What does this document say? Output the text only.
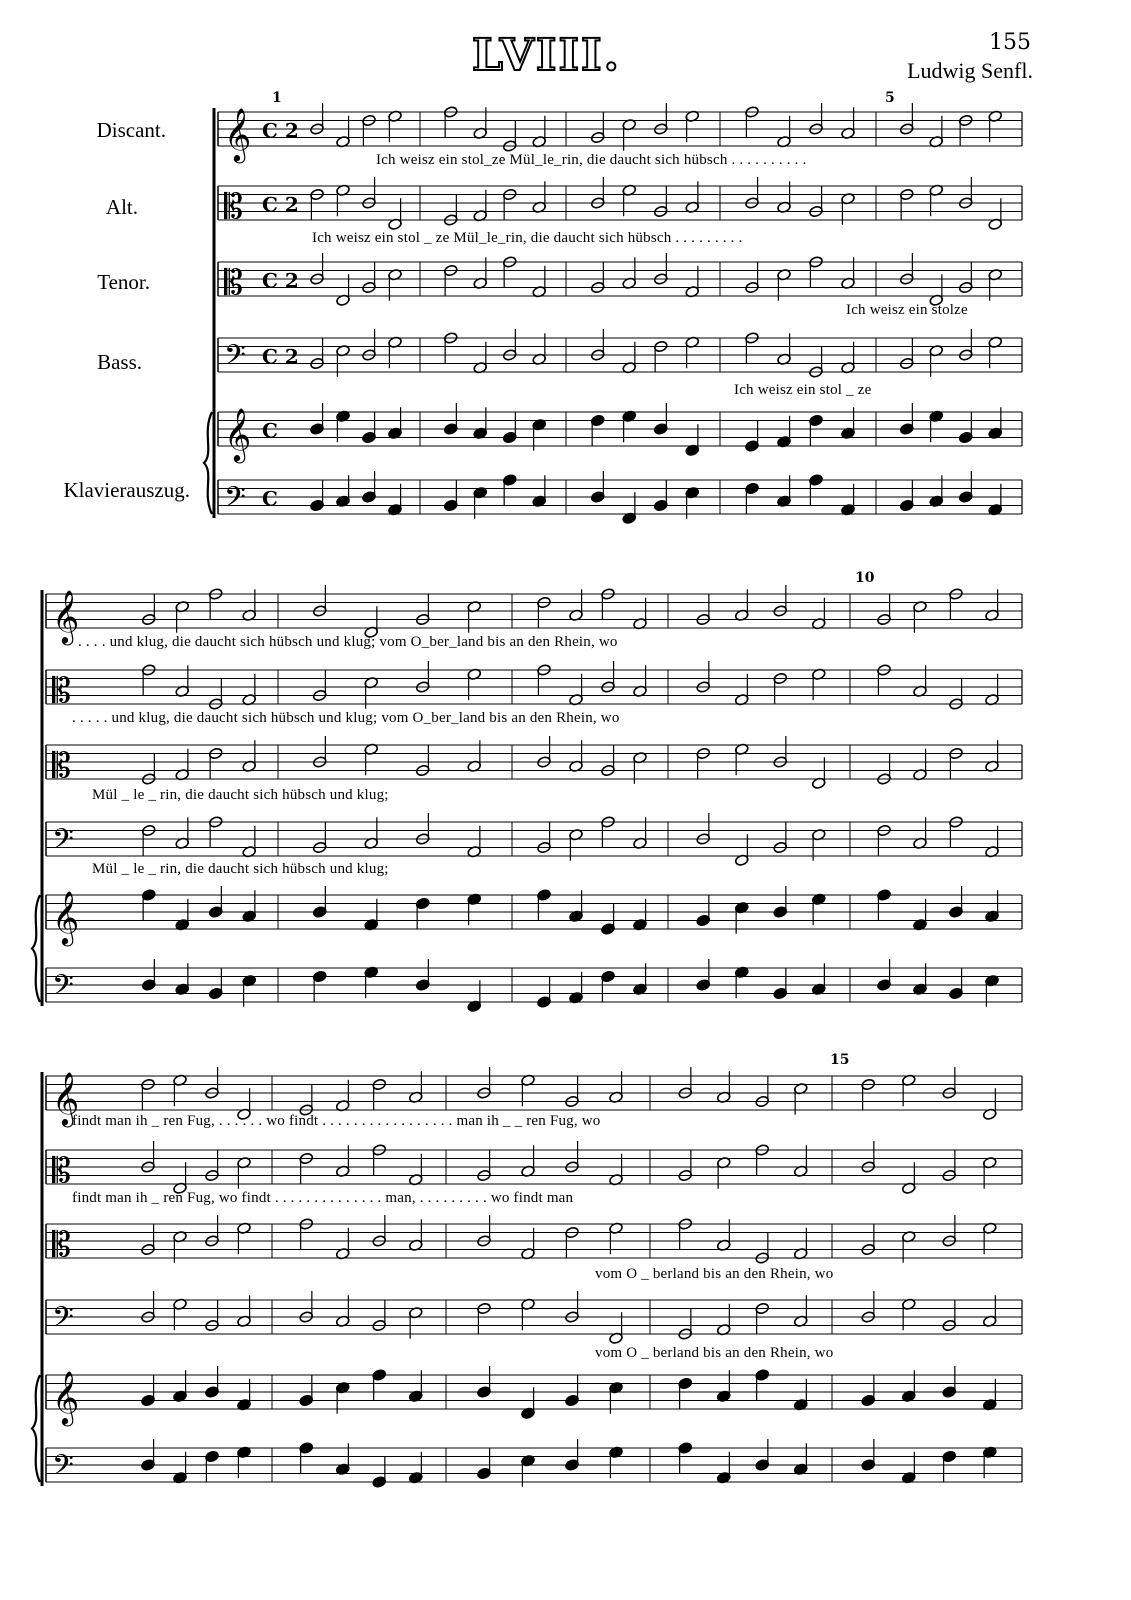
LVIII.	155
Ludwig Senfl.
Discant.
Alt.
Tenor.
Bass.
Klavierauszug.
1	5
10
15
Ich weisz ein stol_ze Mül_le_rin, die daucht sich hübsch . . . . . . . . . .
Ich weisz ein stol _ ze Mül_le_rin, die daucht sich hübsch . . . . . . . . .
Ich weisz ein stolze
Ich weisz ein stol _ ze
. . . . und klug, die daucht sich hübsch und klug; vom O_ber_land bis an den Rhein, wo
. . . . . und klug, die daucht sich hübsch und klug; vom O_ber_land bis an den Rhein, wo
Mül _ le _ rin, die daucht sich hübsch und klug;
Mül _ le _ rin, die daucht sich hübsch und klug;
findt man ih _ ren Fug, . . . . . . wo findt . . . . . . . . . . . . . . . . . man ih _ _ ren Fug, wo
findt man ih _ ren Fug, wo findt . . . . . . . . . . . . . . man, . . . . . . . . . wo findt man
vom O _ berland bis an den Rhein, wo
vom O _ berland bis an den Rhein, wo
𝄞 C 2
𝄡 C 2
𝄡 C 2
𝄢 C 2
𝄞 C
𝄢 C
𝄞
𝄡
𝄡
𝄢
𝄞
𝄢
𝄞
𝄡
𝄡
𝄢
𝄞
𝄢
